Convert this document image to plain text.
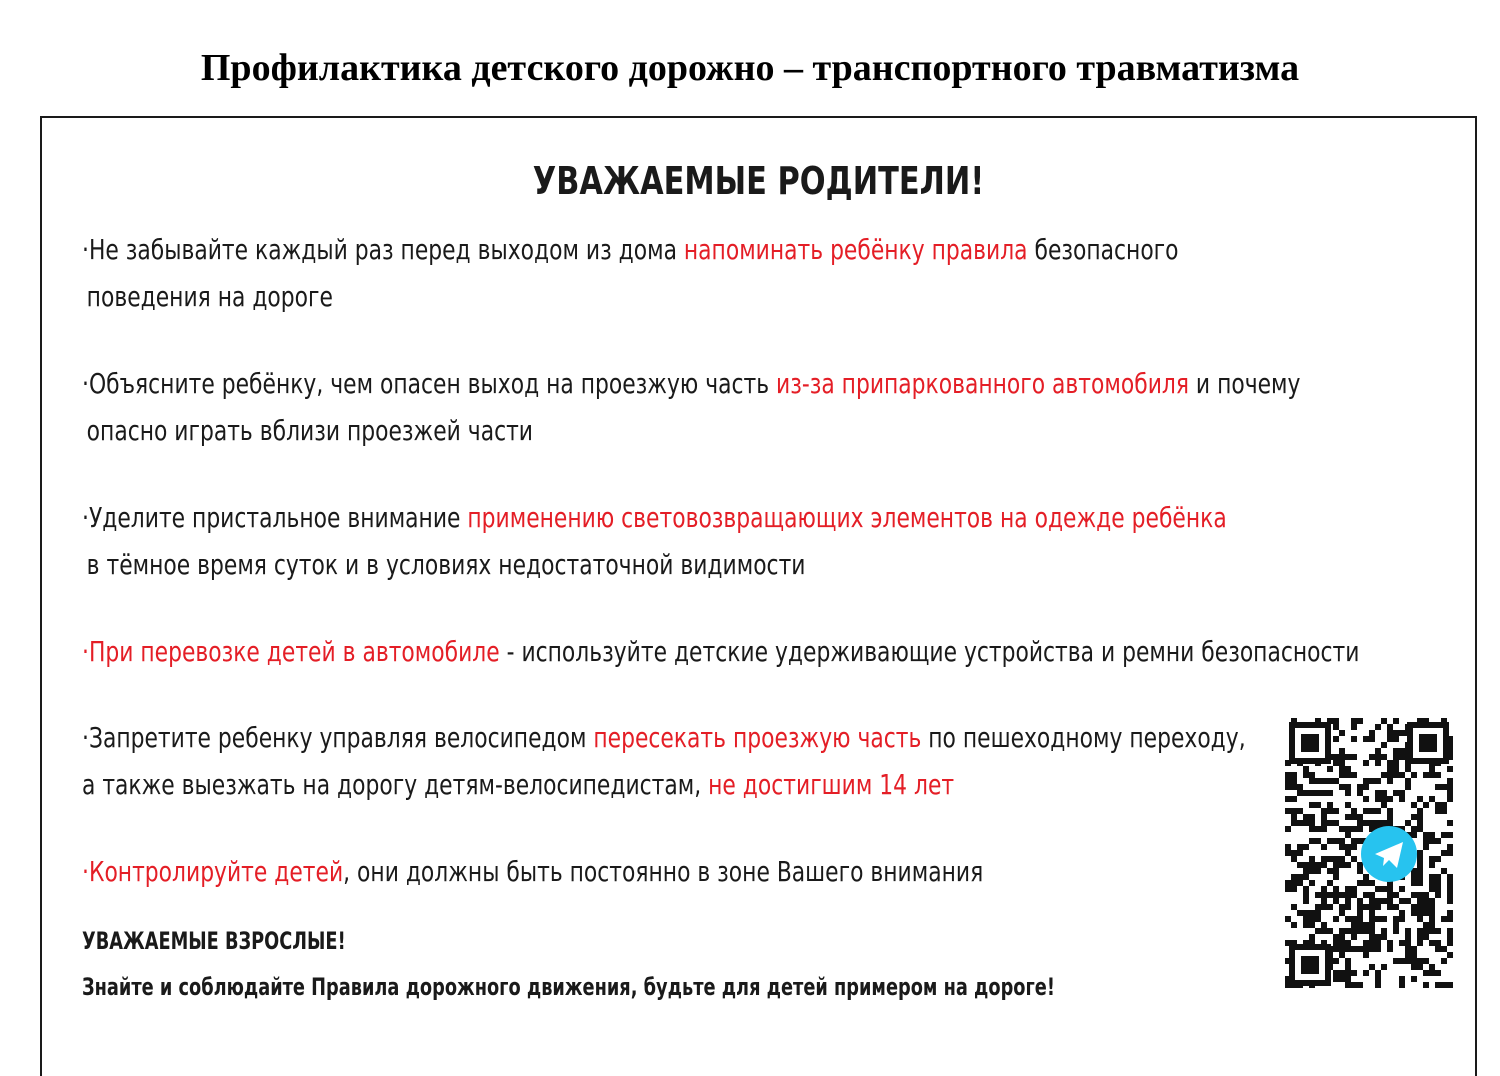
Профилактика детского дорожно – транспортного травматизма
УВАЖАЕМЫЕ РОДИТЕЛИ!
·Не забывайте каждый раз перед выходом из дома напоминать ребёнку правила безопасного
поведения на дороге
·Объясните ребёнку, чем опасен выход на проезжую часть из-за припаркованного автомобиля и почему
опасно играть вблизи проезжей части
·Уделите пристальное внимание применению световозвращающих элементов на одежде ребёнка
в тёмное время суток и в условиях недостаточной видимости
·При перевозке детей в автомобиле - используйте детские удерживающие устройства и ремни безопасности
·Запретите ребенку управляя велосипедом пересекать проезжую часть по пешеходному переходу,
а также выезжать на дорогу детям-велосипедистам, не достигшим 14 лет
·Контролируйте детей, они должны быть постоянно в зоне Вашего внимания
УВАЖАЕМЫЕ ВЗРОСЛЫЕ!
Знайте и соблюдайте Правила дорожного движения, будьте для детей примером на дороге!
